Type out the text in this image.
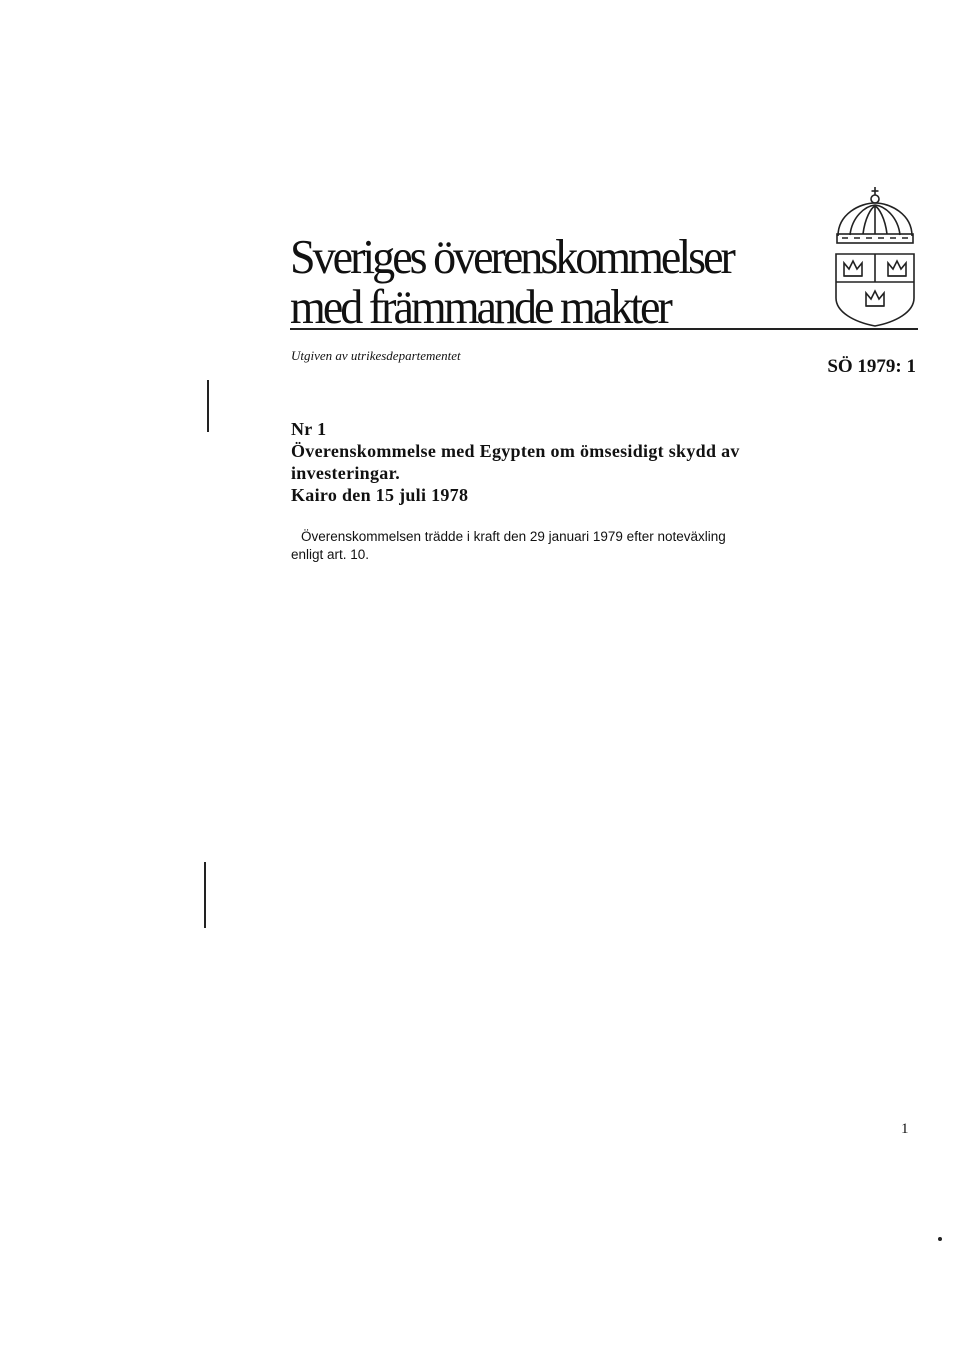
Sveriges överenskommelser
med främmande makter
Utgiven av utrikesdepartementet
SÖ 1979: 1
Nr 1
Överenskommelse med Egypten om ömsesidigt skydd av
investeringar.
Kairo den 15 juli 1978
Överenskommelsen trädde i kraft den 29 januari 1979 efter noteväxling
enligt art. 10.
1
